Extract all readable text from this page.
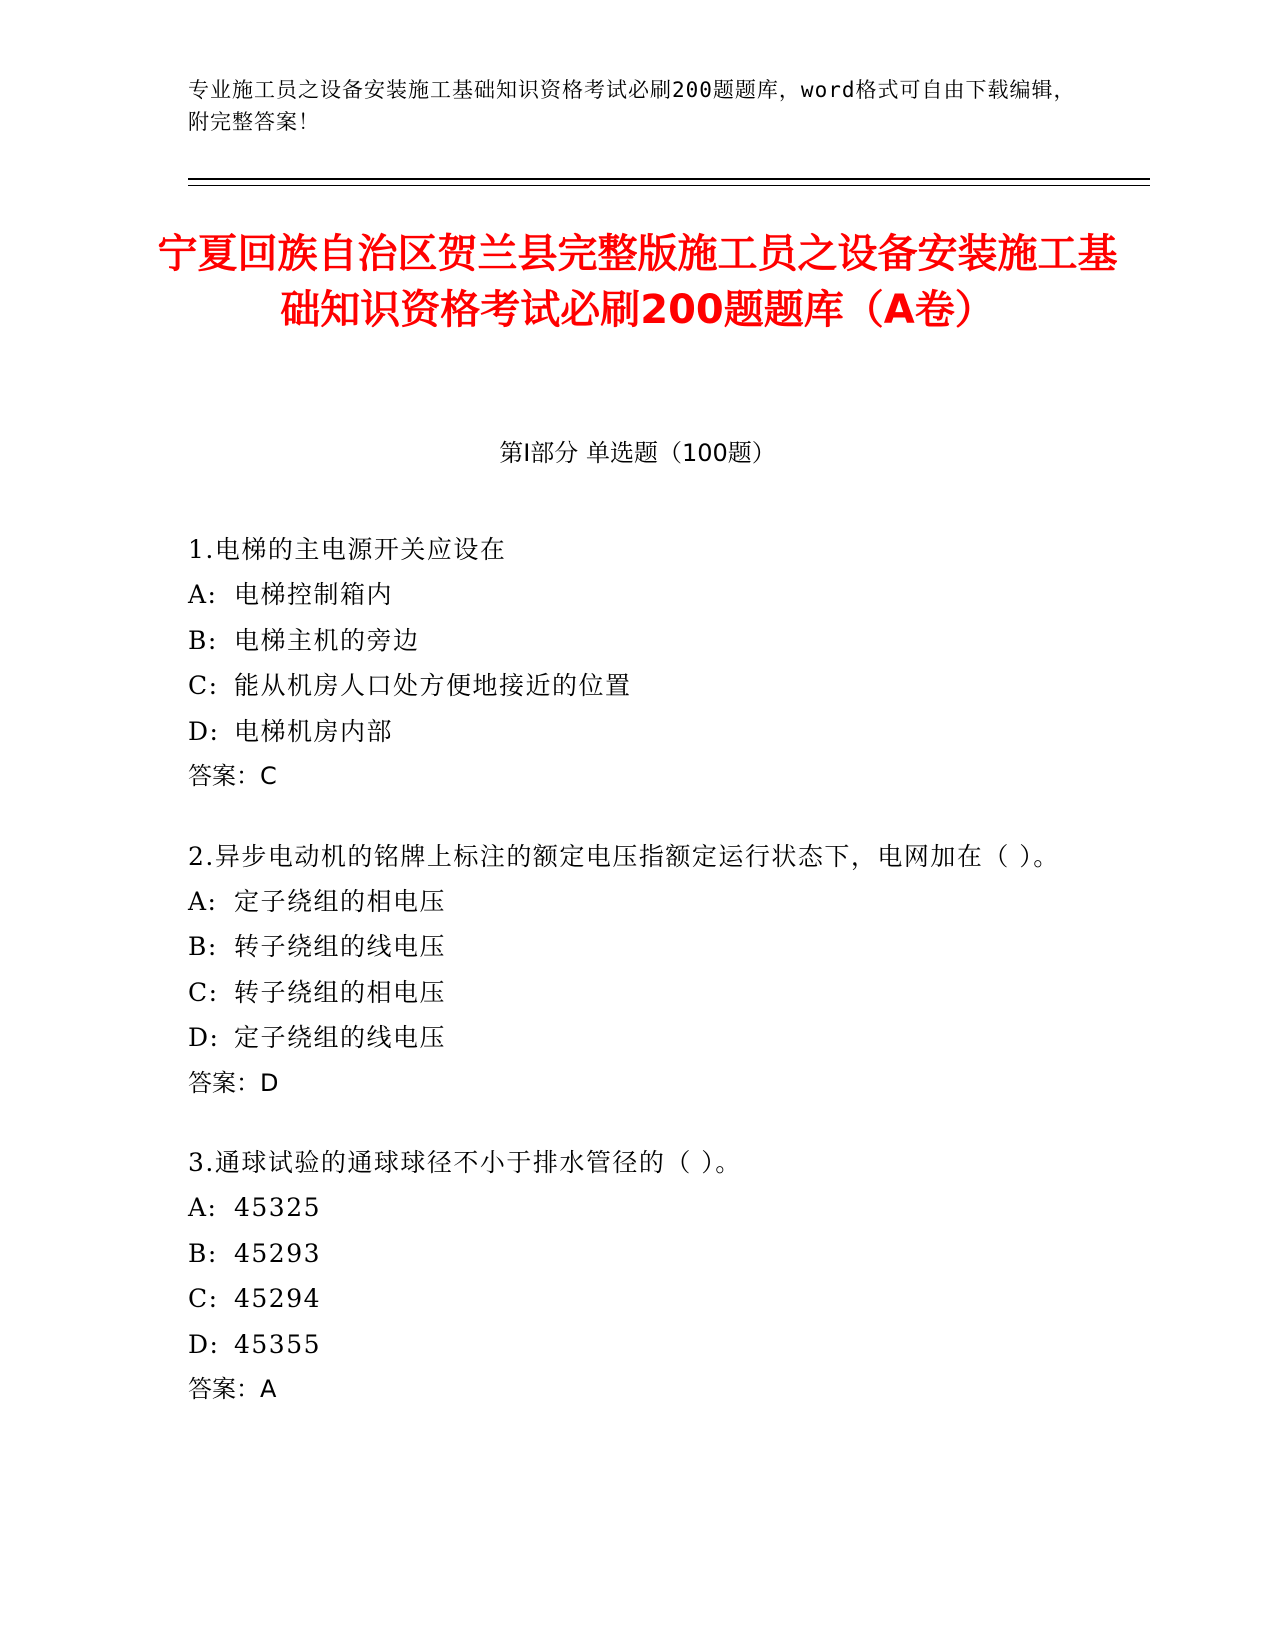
专业施工员之设备安装施工基础知识资格考试必刷200题题库，word格式可自由下载编辑，附完整答案！
宁夏回族自治区贺兰县完整版施工员之设备安装施工基础知识资格考试必刷200题题库（A卷）
第Ⅰ部分 单选题（100题）
1.电梯的主电源开关应设在
A: 电梯控制箱内
B: 电梯主机的旁边
C: 能从机房人口处方便地接近的位置
D: 电梯机房内部
答案：C
2.异步电动机的铭牌上标注的额定电压指额定运行状态下，电网加在（ ）。
A: 定子绕组的相电压
B: 转子绕组的线电压
C: 转子绕组的相电压
D: 定子绕组的线电压
答案：D
3.通球试验的通球球径不小于排水管径的（ ）。
A: 45325
B: 45293
C: 45294
D: 45355
答案：A
